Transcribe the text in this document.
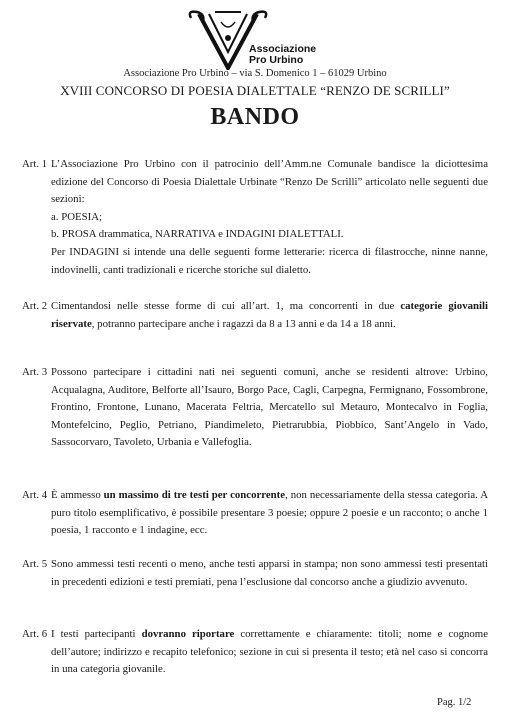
Associazione
Pro Urbino
Associazione Pro Urbino – via S. Domenico 1 – 61029 Urbino
XVIII CONCORSO DI POESIA DIALETTALE “RENZO DE SCRILLI”
BANDO
Art. 1 L’Associazione Pro Urbino con il patrocinio dell’Amm.ne Comunale bandisce la diciottesima edizione del Concorso di Poesia Dialettale Urbinate “Renzo De Scrilli” articolato nelle seguenti due sezioni:

a. POESIA;

b. PROSA drammatica, NARRATIVA e INDAGINI DIALETTALI.

Per INDAGINI si intende una delle seguenti forme letterarie: ricerca di filastrocche, ninne nanne, indovinelli, canti tradizionali e ricerche storiche sul dialetto.

Art. 2 Cimentandosi nelle stesse forme di cui all’art. 1, ma concorrenti in due categorie giovanili riservate, potranno partecipare anche i ragazzi da 8 a 13 anni e da 14 a 18 anni.
Art. 3 Possono partecipare i cittadini nati nei seguenti comuni, anche se residenti altrove: Urbino, Acqualagna, Auditore, Belforte all’Isauro, Borgo Pace, Cagli, Carpegna, Fermignano, Fossombrone, Frontino, Frontone, Lunano, Macerata Feltria, Mercatello sul Metauro, Montecalvo in Foglia, Montefelcino, Peglio, Petriano, Piandimeleto, Pietrarubbia, Piobbico, Sant’Angelo in Vado, Sassocorvaro, Tavoleto, Urbania e Vallefoglia.
Art. 4 È ammesso un massimo di tre testi per concorrente, non necessariamente della stessa categoria. A puro titolo esemplificativo, è possibile presentare 3 poesie; oppure 2 poesie e un racconto; o anche 1 poesia, 1 racconto e 1 indagine, ecc.
Art. 5 Sono ammessi testi recenti o meno, anche testi apparsi in stampa; non sono ammessi testi presentati in precedenti edizioni e testi premiati, pena l’esclusione dal concorso anche a giudizio avvenuto.
Art. 6 I testi partecipanti dovranno riportare correttamente e chiaramente: titoli; nome e cognome dell’autore; indirizzo e recapito telefonico; sezione in cui si presenta il testo; età nel caso si concorra in una categoria giovanile.
Pag. 1/2
